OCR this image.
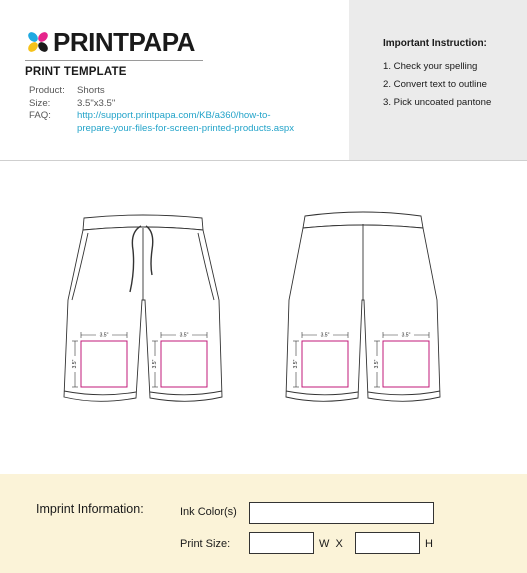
PRINTPAPA
PRINT TEMPLATE
Product:	Shorts
Size:	3.5"x3.5"
FAQ:	http://support.printpapa.com/KB/a360/how-to-
prepare-your-files-for-screen-printed-products.aspx
Important Instruction:
1. Check your spelling
2. Convert text to outline
3. Pick uncoated pantone
3.5"
3.5"
3.5"
3.5"
3.5"
3.5"
3.5"
3.5"
Imprint Information:	Ink Color(s)
Print Size:	W X	H
